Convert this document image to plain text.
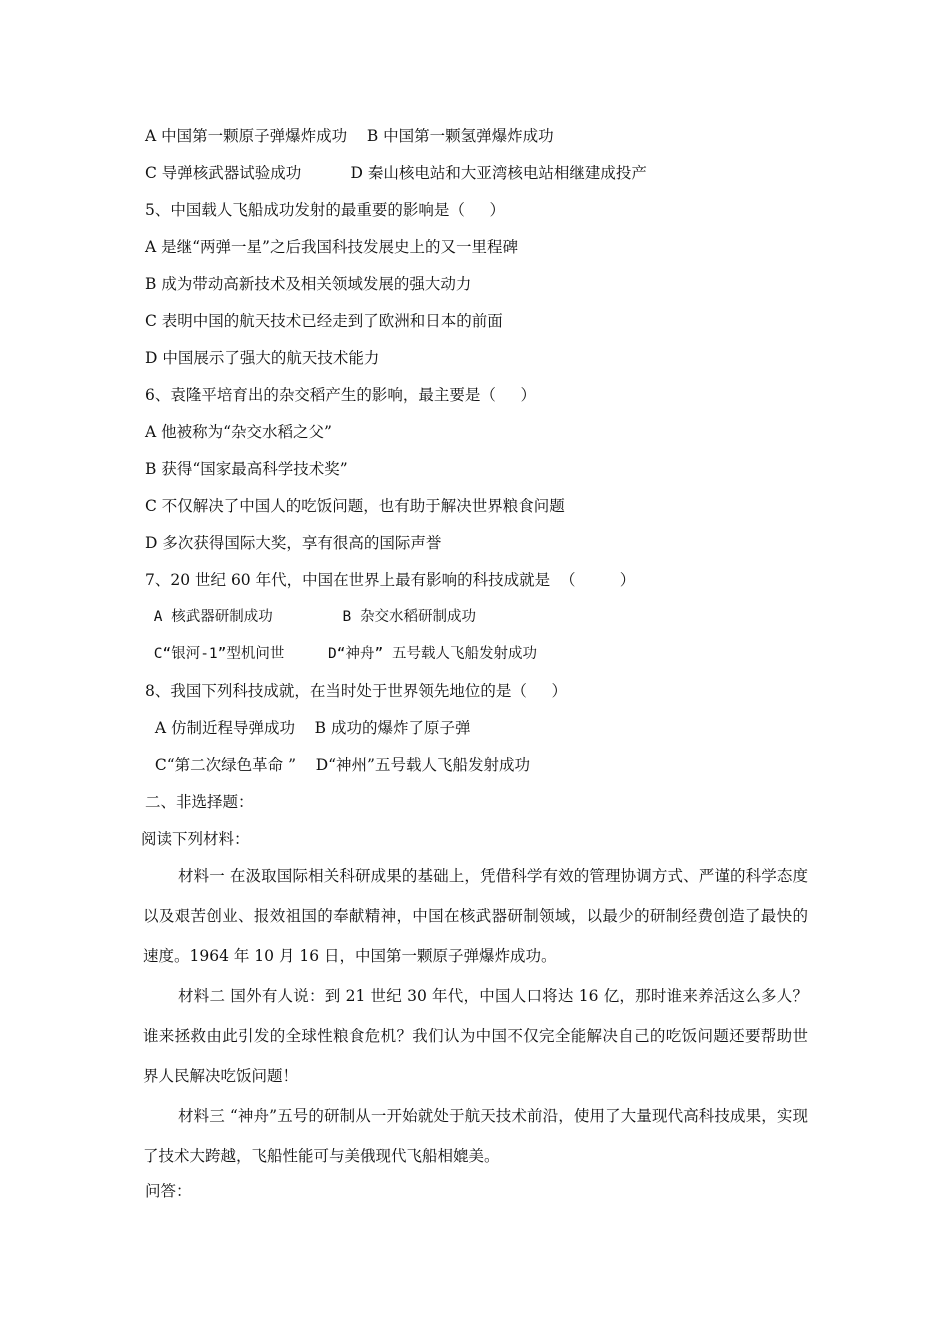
A 中国第一颗原子弹爆炸成功    B 中国第一颗氢弹爆炸成功
C 导弹核武器试验成功          D 秦山核电站和大亚湾核电站相继建成投产
5、中国载人飞船成功发射的最重要的影响是（     ）
A 是继“两弹一星”之后我国科技发展史上的又一里程碑
B 成为带动高新技术及相关领域发展的强大动力
C 表明中国的航天技术已经走到了欧洲和日本的前面
D 中国展示了强大的航天技术能力
6、袁隆平培育出的杂交稻产生的影响，最主要是（     ）
A 他被称为“杂交水稻之父”
B 获得“国家最高科学技术奖”
C 不仅解决了中国人的吃饭问题，也有助于解决世界粮食问题
D 多次获得国际大奖，享有很高的国际声誉
7、20 世纪 60 年代，中国在世界上最有影响的科技成就是  （         ）
A 核武器研制成功        B 杂交水稻研制成功
C“银河-1”型机问世     D“神舟” 五号载人飞船发射成功
8、我国下列科技成就，在当时处于世界领先地位的是（     ）
A 仿制近程导弹成功    B 成功的爆炸了原子弹
C“第二次绿色革命 ”    D“神州”五号载人飞船发射成功
二、非选择题：
阅读下列材料：
材料一 在汲取国际相关科研成果的基础上，凭借科学有效的管理协调方式、严谨的科学态度以及艰苦创业、报效祖国的奉献精神，中国在核武器研制领域，以最少的研制经费创造了最快的速度。1964 年 10 月 16 日，中国第一颗原子弹爆炸成功。
材料二 国外有人说：到 21 世纪 30 年代，中国人口将达 16 亿，那时谁来养活这么多人？谁来拯救由此引发的全球性粮食危机？我们认为中国不仅完全能解决自己的吃饭问题还要帮助世界人民解决吃饭问题！
材料三 “神舟”五号的研制从一开始就处于航天技术前沿，使用了大量现代高科技成果，实现了技术大跨越，飞船性能可与美俄现代飞船相媲美。
问答：
